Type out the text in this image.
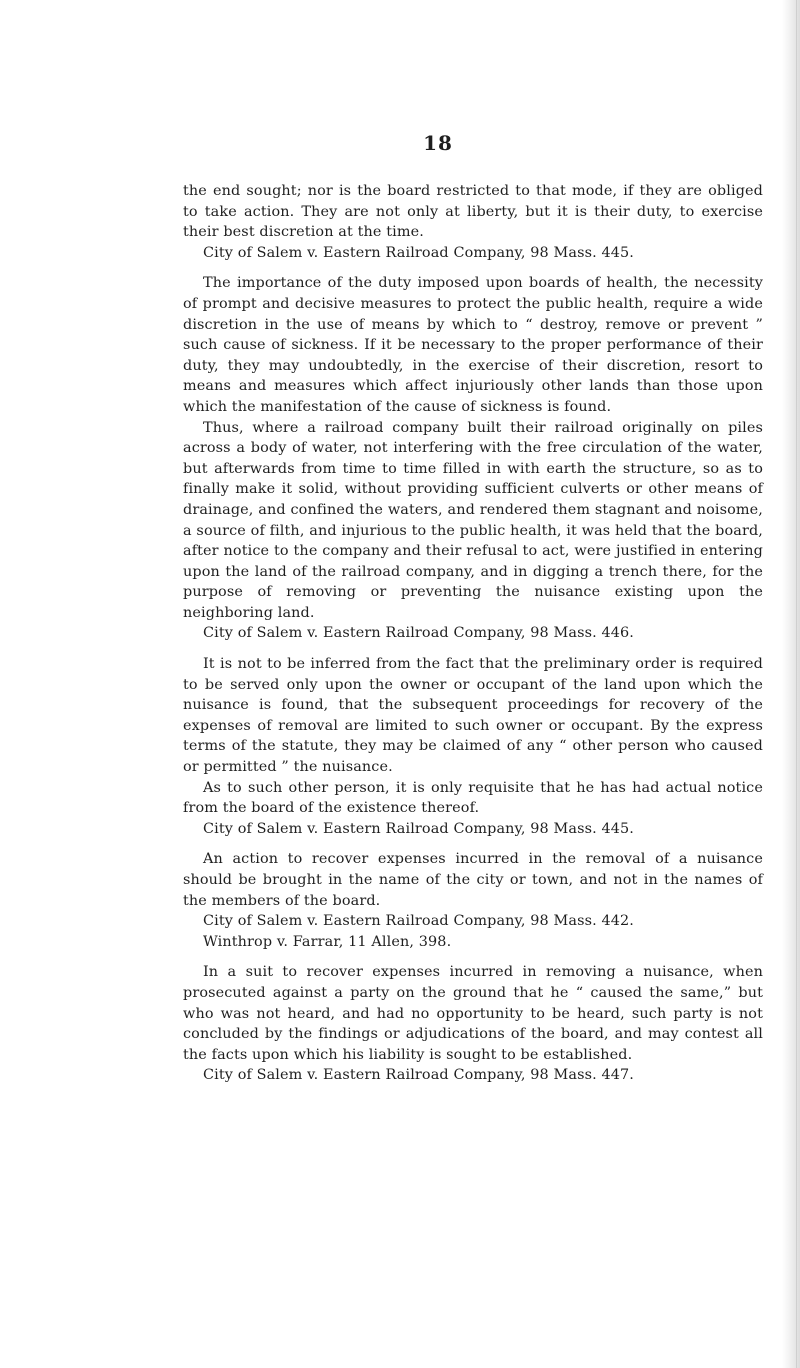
18

the end sought; nor is the board restricted to that mode, if they are obliged to take action. They are not only at liberty, but it is their duty, to exercise their best discretion at the time.

City of Salem v. Eastern Railroad Company, 98 Mass. 445.

The importance of the duty imposed upon boards of health, the necessity of prompt and decisive measures to protect the public health, require a wide discretion in the use of means by which to “ destroy, remove or prevent ” such cause of sickness. If it be necessary to the proper performance of their duty, they may undoubtedly, in the exercise of their discretion, resort to means and measures which affect injuriously other lands than those upon which the manifestation of the cause of sickness is found.

Thus, where a railroad company built their railroad originally on piles across a body of water, not interfering with the free circulation of the water, but afterwards from time to time filled in with earth the structure, so as to finally make it solid, without providing sufficient culverts or other means of drainage, and confined the waters, and rendered them stagnant and noisome, a source of filth, and injurious to the public health, it was held that the board, after notice to the company and their refusal to act, were justified in entering upon the land of the railroad company, and in digging a trench there, for the purpose of removing or preventing the nuisance existing upon the neighboring land.

City of Salem v. Eastern Railroad Company, 98 Mass. 446.

It is not to be inferred from the fact that the preliminary order is required to be served only upon the owner or occupant of the land upon which the nuisance is found, that the subsequent proceedings for recovery of the expenses of removal are limited to such owner or occupant. By the express terms of the statute, they may be claimed of any “ other person who caused or permitted ” the nuisance.

As to such other person, it is only requisite that he has had actual notice from the board of the existence thereof.

City of Salem v. Eastern Railroad Company, 98 Mass. 445.

An action to recover expenses incurred in the removal of a nuisance should be brought in the name of the city or town, and not in the names of the members of the board.

City of Salem v. Eastern Railroad Company, 98 Mass. 442.

Winthrop v. Farrar, 11 Allen, 398.

In a suit to recover expenses incurred in removing a nuisance, when prosecuted against a party on the ground that he “ caused the same,” but who was not heard, and had no opportunity to be heard, such party is not concluded by the findings or adjudications of the board, and may contest all the facts upon which his liability is sought to be established.

City of Salem v. Eastern Railroad Company, 98 Mass. 447.
